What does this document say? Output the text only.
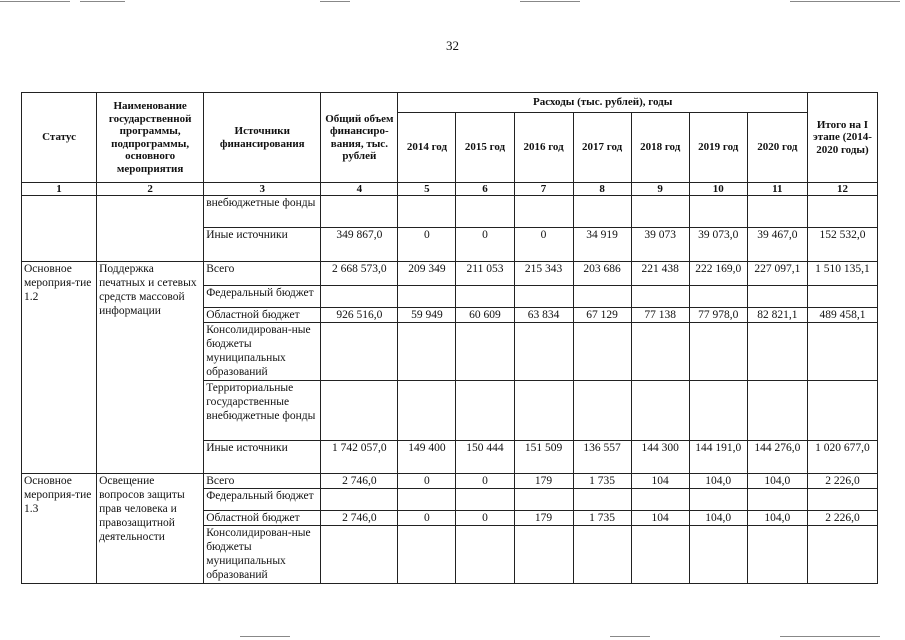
32
Статус	Наименование государственной программы, подпрограммы, основного мероприятия	Источники финансирования	Общий объем финансиро-вания, тыс. рублей	Расходы (тыс. рублей), годы							Итого на I этапе (2014-2020 годы)
				2014 год	2015 год	2016 год	2017 год	2018 год	2019 год	2020 год	
1	2	3	4	5	6	7	8	9	10	11	12
		внебюджетные фонды									
		Иные источники	349 867,0	0	0	0	34 919	39 073	39 073,0	39 467,0	152 532,0
Основное мероприя-тие 1.2	Поддержка печатных и сетевых средств массовой информации	Всего	2 668 573,0	209 349	211 053	215 343	203 686	221 438	222 169,0	227 097,1	1 510 135,1
		Федеральный бюджет									
		Областной бюджет	926 516,0	59 949	60 609	63 834	67 129	77 138	77 978,0	82 821,1	489 458,1
		Консолидирован-ные бюджеты муниципальных образований									
		Территориальные государственные внебюджетные фонды									
		Иные источники	1 742 057,0	149 400	150 444	151 509	136 557	144 300	144 191,0	144 276,0	1 020 677,0
Основное мероприя-тие 1.3	Освещение вопросов защиты прав человека и правозащитной деятельности	Всего	2 746,0	0	0	179	1 735	104	104,0	104,0	2 226,0
		Федеральный бюджет									
		Областной бюджет	2 746,0	0	0	179	1 735	104	104,0	104,0	2 226,0
		Консолидирован-ные бюджеты муниципальных образований									
